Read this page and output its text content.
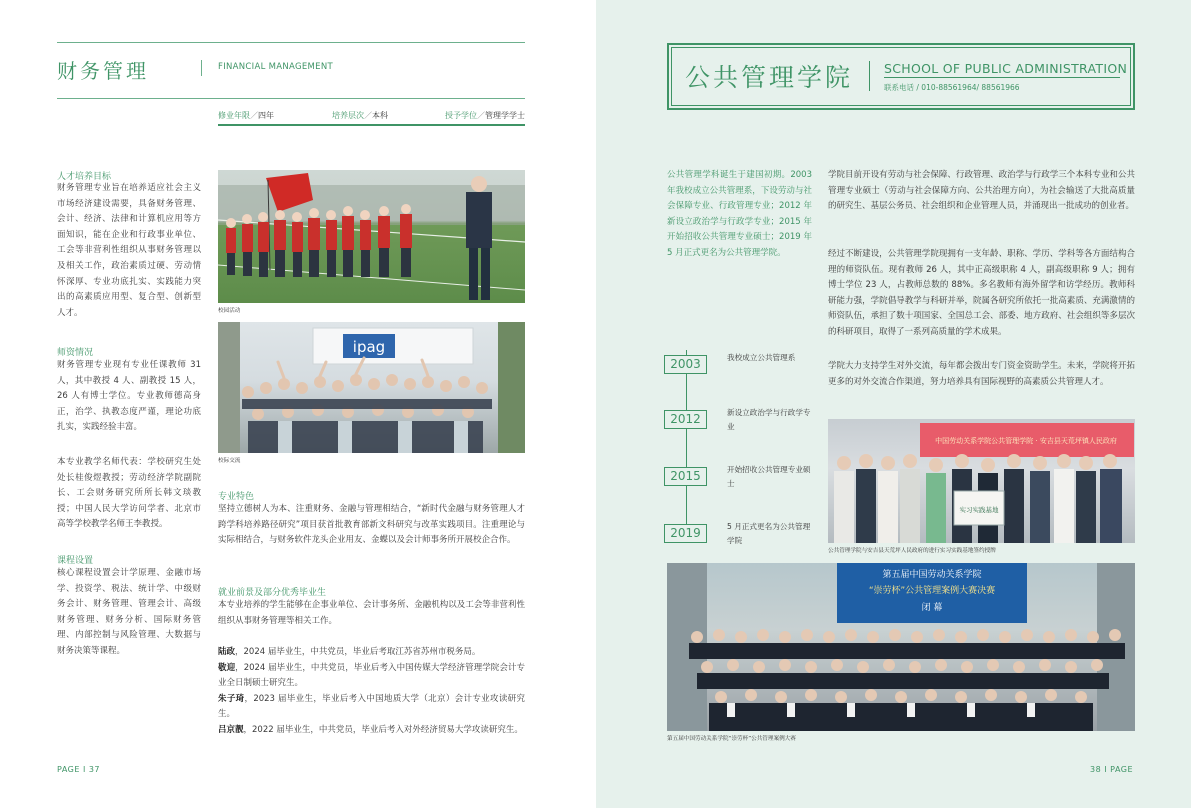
财务管理	FINANCIAL MANAGEMENT
修业年限／四年	培养层次／本科	授予学位／管理学学士
人才培养目标
财务管理专业旨在培养适应社会主义市场经济建设需要，具备财务管理、会计、经济、法律和计算机应用等方面知识，能在企业和行政事业单位、工会等非营利性组织从事财务管理以及相关工作，政治素质过硬、劳动情怀深厚、专业功底扎实、实践能力突出的高素质应用型、复合型、创新型人才。
师资情况
财务管理专业现有专业任课教师 31 人，其中教授 4 人、副教授 15 人，26 人有博士学位。专业教师德高身正，治学、执教态度严谨，理论功底扎实，实践经验丰富。
本专业教学名师代表：学校研究生处处长桂俊煜教授；劳动经济学院副院长、工会财务研究所所长韩文琰教授；中国人民大学访问学者、北京市高等学校教学名师王李教授。
课程设置
核心课程设置会计学原理、金融市场学、投资学、税法、统计学、中级财务会计、财务管理、管理会计、高级财务管理、财务分析、国际财务管理、内部控制与风险管理、大数据与财务决策等课程。
校园活动
ipag
校际交流
专业特色
坚持立德树人为本、注重财务、金融与管理相结合，“新时代金融与财务管理人才跨学科培养路径研究”项目获首批教育部新文科研究与改革实践项目。注重理论与实际相结合，与财务软件龙头企业用友、金蝶以及会计师事务所开展校企合作。
就业前景及部分优秀毕业生
本专业培养的学生能够在企事业单位、会计事务所、金融机构以及工会等非营利性组织从事财务管理等相关工作。
陆政，2024 届毕业生，中共党员，毕业后考取江苏省苏州市税务局。
敬迎，2024 届毕业生，中共党员，毕业后考入中国传媒大学经济管理学院会计专业全日制硕士研究生。
朱子琦，2023 届毕业生，毕业后考入中国地质大学（北京）会计专业攻读研究生。
吕京靓，2022 届毕业生，中共党员，毕业后考入对外经济贸易大学攻读研究生。
PAGE I 37
公共管理学院 SCHOOL OF PUBLIC ADMINISTRATION
联系电话 / 010-88561964/ 88561966
公共管理学科诞生于建国初期。2003 年我校成立公共管理系，下设劳动与社会保障专业、行政管理专业；2012 年新设立政治学与行政学专业；2015 年开始招收公共管理专业硕士；2019 年 5 月正式更名为公共管理学院。
学院目前开设有劳动与社会保障、行政管理、政治学与行政学三个本科专业和公共管理专业硕士（劳动与社会保障方向、公共治理方向），为社会输送了大批高质量的研究生、基层公务员、社会组织和企业管理人员，并涌现出一批成功的创业者。
经过不断建设，公共管理学院现拥有一支年龄、职称、学历、学科等各方面结构合理的师资队伍。现有教师 26 人，其中正高级职称 4 人，副高级职称 9 人；拥有博士学位 23 人，占教师总数的 88%。多名教师有海外留学和访学经历。教师科研能力强，学院倡导教学与科研并举，院属各研究所依托一批高素质、充满激情的师资队伍，承担了数十项国家、全国总工会、部委、地方政府、社会组织等多层次的科研项目，取得了一系列高质量的学术成果。
学院大力支持学生对外交流，每年都会拨出专门资金资助学生。未来，学院将开拓更多的对外交流合作渠道，努力培养具有国际视野的高素质公共管理人才。
2003	我校成立公共管理系
2012	新设立政治学与行政学专业
2015	开始招收公共管理专业硕士
2019	5 月正式更名为公共管理学院
中国劳动关系学院公共管理学院 · 安吉县天荒坪镇人民政府
实习实践基地
公共管理学院与安吉县天荒坪人民政府的进行实习实践基地签约授牌
第五届中国劳动关系学院
“崇劳杯”公共管理案例大赛决赛
闭 幕
第五届中国劳动关系学院“崇劳杯”公共管理案例大赛
38 I PAGE
